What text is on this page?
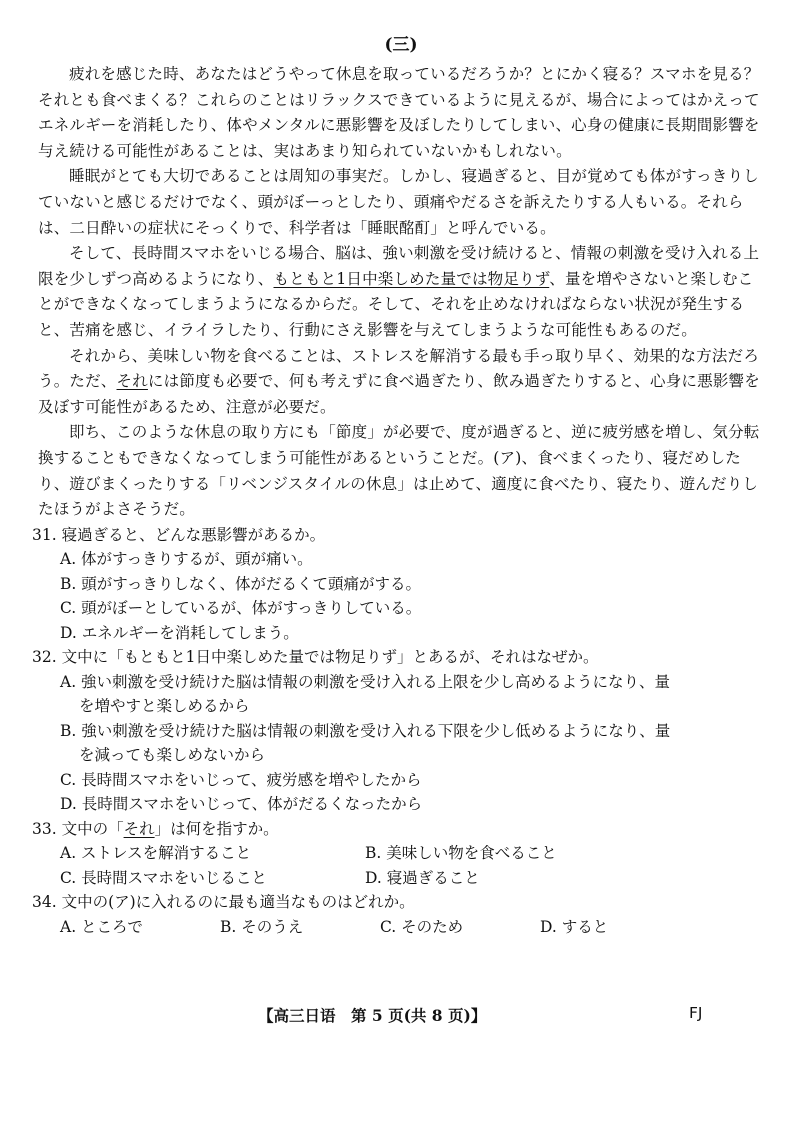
(三)

疲れを感じた時、あなたはどうやって休息を取っているだろうか？とにかく寝る？スマホを見る？それとも食べまくる？これらのことはリラックスできているように見えるが、場合によってはかえってエネルギーを消耗したり、体やメンタルに悪影響を及ぼしたりしてしまい、心身の健康に長期間影響を与え続ける可能性があることは、実はあまり知られていないかもしれない。

睡眠がとても大切であることは周知の事実だ。しかし、寝過ぎると、目が覚めても体がすっきりしていないと感じるだけでなく、頭がぼーっとしたり、頭痛やだるさを訴えたりする人もいる。それらは、二日酔いの症状にそっくりで、科学者は「睡眠酩酊」と呼んでいる。

そして、長時間スマホをいじる場合、脳は、強い刺激を受け続けると、情報の刺激を受け入れる上限を少しずつ高めるようになり、もともと1日中楽しめた量では物足りず、量を増やさないと楽しむことができなくなってしまうようになるからだ。そして、それを止めなければならない状況が発生すると、苦痛を感じ、イライラしたり、行動にさえ影響を与えてしまうような可能性もあるのだ。

それから、美味しい物を食べることは、ストレスを解消する最も手っ取り早く、効果的な方法だろう。ただ、それには節度も必要で、何も考えずに食べ過ぎたり、飲み過ぎたりすると、心身に悪影響を及ぼす可能性があるため、注意が必要だ。

即ち、このような休息の取り方にも「節度」が必要で、度が過ぎると、逆に疲労感を増し、気分転換することもできなくなってしまう可能性があるということだ。(ア)、食べまくったり、寝だめしたり、遊びまくったりする「リベンジスタイルの休息」は止めて、適度に食べたり、寝たり、遊んだりしたほうがよさそうだ。

31. 寝過ぎると、どんな悪影響があるか。
A. 体がすっきりするが、頭が痛い。
B. 頭がすっきりしなく、体がだるくて頭痛がする。
C. 頭がぼーとしているが、体がすっきりしている。
D. エネルギーを消耗してしまう。
32. 文中に「もともと1日中楽しめた量では物足りず」とあるが、それはなぜか。
A. 強い刺激を受け続けた脳は情報の刺激を受け入れる上限を少し高めるようになり、量
を増やすと楽しめるから
B. 強い刺激を受け続けた脳は情報の刺激を受け入れる下限を少し低めるようになり、量
を減っても楽しめないから
C. 長時間スマホをいじって、疲労感を増やしたから
D. 長時間スマホをいじって、体がだるくなったから
33. 文中の「それ」は何を指すか。
A. ストレスを解消すること	B. 美味しい物を食べること
C. 長時間スマホをいじること	D. 寝過ぎること
34. 文中の(ア)に入れるのに最も適当なものはどれか。
A. ところで	B. そのうえ	C. そのため	D. すると
【高三日语　第 5 页(共 8 页)】	FJ
